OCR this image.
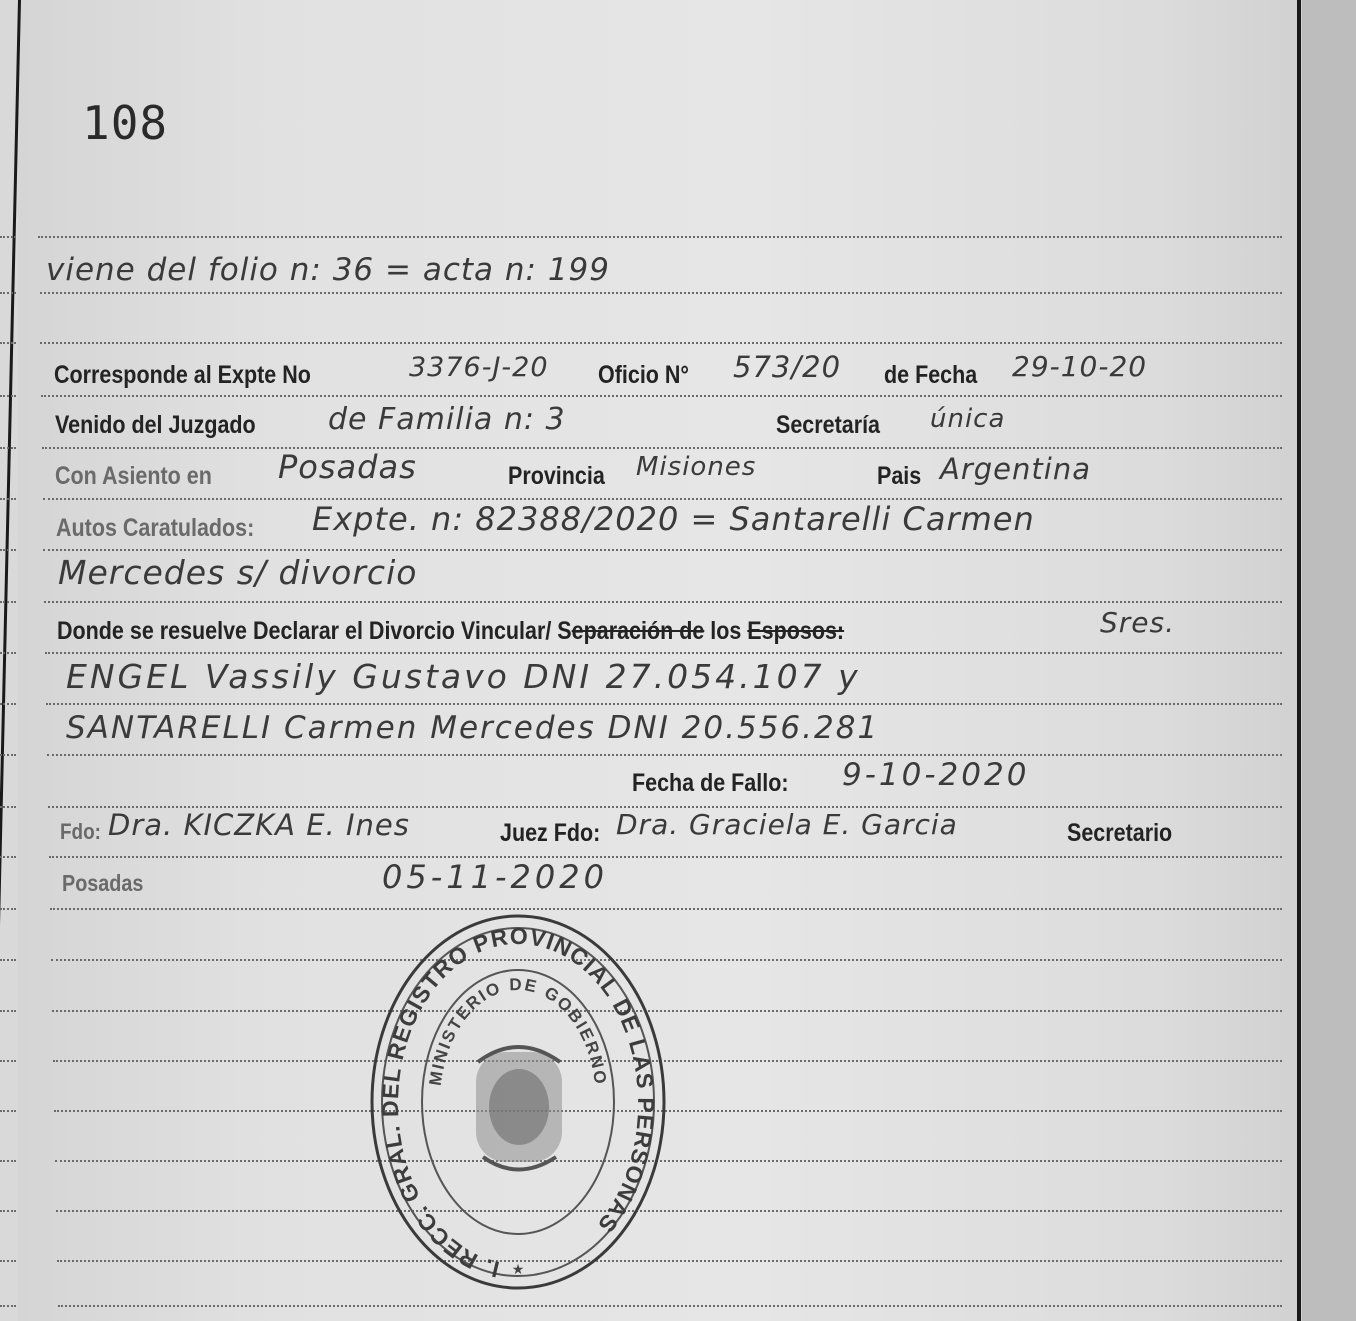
108
viene del folio n: 36 = acta n: 199
Corresponde al Expte No	3376-J-20 Oficio N° 573/20 de Fecha 29-10-20
Venido del Juzgado de Familia n: 3	Secretaría única
Con Asiento en Posadas	Provincia Misiones	Pais Argentina
Autos Caratulados: Expte. n: 82388/2020 = Santarelli Carmen
Mercedes s/ divorcio
Donde se resuelve Declarar el Divorcio Vincular/ Separación de los Esposos:	Sres.
ENGEL Vassily Gustavo DNI 27.054.107 y
SANTARELLI Carmen Mercedes DNI 20.556.281
Fecha de Fallo: 9-10-2020
Fdo: Dra. KICZKA E. Ines	Juez Fdo: Dra. Graciela E. Garcia	Secretario
Posadas	05-11-2020
I. RECC. GRAL. DEL REGISTRO PROVINCIAL DE LAS PERSONAS
MINISTERIO DE GOBIERNO
★
